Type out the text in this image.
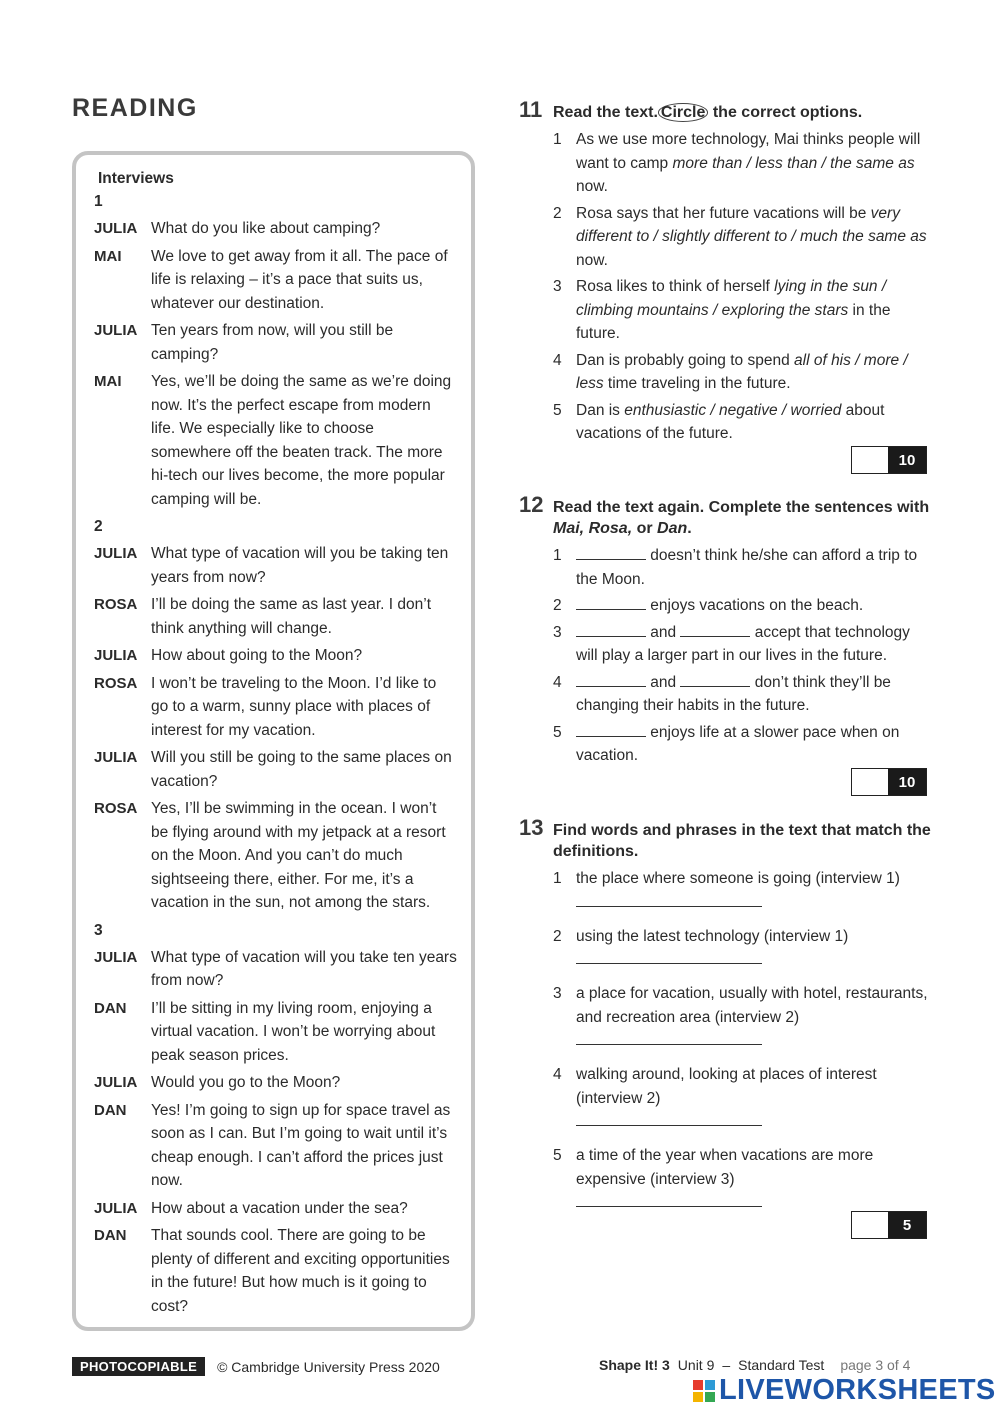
READING
Interviews
1
JULIA What do you like about camping?
MAI	We love to get away from it all. The pace of life is relaxing – it’s a pace that suits us, whatever our destination.
JULIA Ten years from now, will you still be camping?
MAI	Yes, we’ll be doing the same as we’re doing now. It’s the perfect escape from modern life. We especially like to choose somewhere off the beaten track. The more hi-tech our lives become, the more popular camping will be.
2
JULIA What type of vacation will you be taking ten years from now?
ROSA I’ll be doing the same as last year. I don’t think anything will change.
JULIA How about going to the Moon?
ROSA I won’t be traveling to the Moon. I’d like to go to a warm, sunny place with places of interest for my vacation.
JULIA Will you still be going to the same places on vacation?
ROSA Yes, I’ll be swimming in the ocean. I won’t be flying around with my jetpack at a resort on the Moon. And you can’t do much sightseeing there, either. For me, it’s a vacation in the sun, not among the stars.
3
JULIA What type of vacation will you take ten years from now?
DAN	I’ll be sitting in my living room, enjoying a virtual vacation. I won’t be worrying about peak season prices.
JULIA Would you go to the Moon?
DAN	Yes! I’m going to sign up for space travel as soon as I can. But I’m going to wait until it’s cheap enough. I can’t afford the prices just now.
JULIA How about a vacation under the sea?
DAN	That sounds cool. There are going to be plenty of different and exciting opportunities in the future! But how much is it going to cost?
11 Read the text. Circle the correct options.
1 As we use more technology, Mai thinks people will want to camp more than / less than / the same as now.
2 Rosa says that her future vacations will be very different to / slightly different to / much the same as now.
3 Rosa likes to think of herself lying in the sun / climbing mountains / exploring the stars in the future.
4 Dan is probably going to spend all of his / more / less time traveling in the future.
5 Dan is enthusiastic / negative / worried about vacations of the future.
10
12 Read the text again. Complete the sentences with Mai, Rosa, or Dan.
1	doesn’t think he/she can afford a trip to the Moon.
2	enjoys vacations on the beach.
3	and	accept that technology will play a larger part in our lives in the future.
4	and	don’t think they’ll be changing their habits in the future.
5	enjoys life at a slower pace when on vacation.
10
13 Find words and phrases in the text that match the definitions.
1 the place where someone is going (interview 1)
2 using the latest technology (interview 1)
3 a place for vacation, usually with hotel, restaurants, and recreation area (interview 2)
4 walking around, looking at places of interest (interview 2)
5 a time of the year when vacations are more expensive (interview 3)
5
PHOTOCOPIABLE	© Cambridge University Press 2020	Shape It! 3 Unit 9 – Standard Test page 3 of 4
LIVEWORKSHEETS
